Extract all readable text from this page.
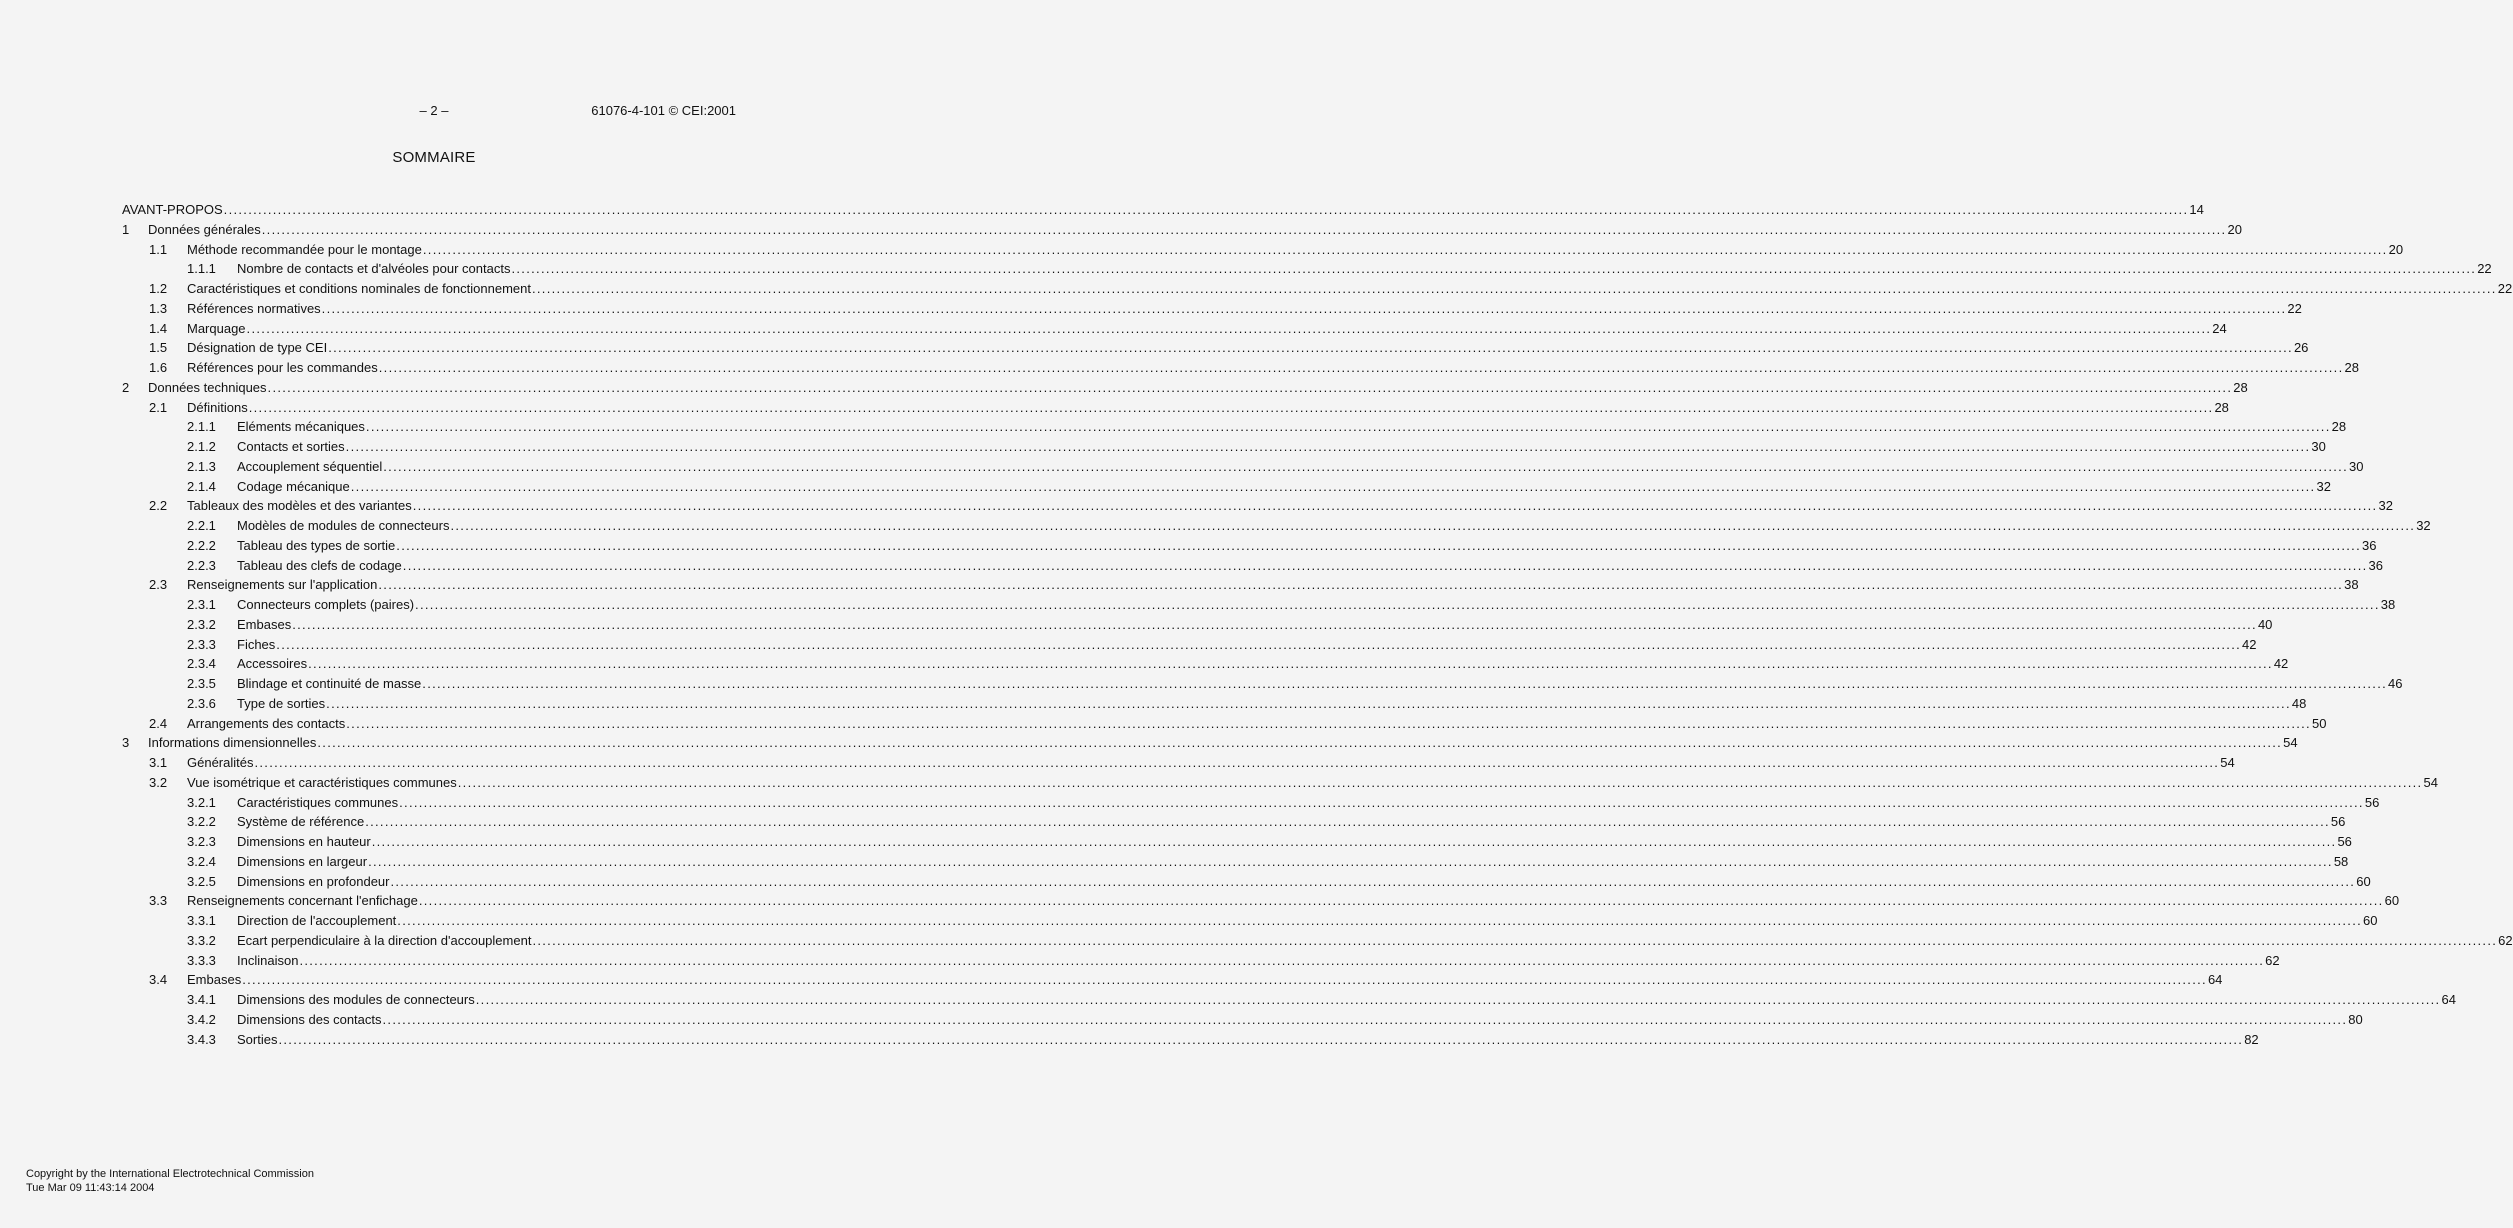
– 2 –	61076-4-101 © CEI:2001
SOMMAIRE
AVANT-PROPOS ................................................................................................................................................................................................................................................................................................................................................................................................................ 14
1 Données générales ................................................................................................................................................................................................................................................................................................................................................................................................................ 20
1.1 Méthode recommandée pour le montage ................................................................................................................................................................................................................................................................................................................................................................................................................ 20
1.1.1 Nombre de contacts et d'alvéoles pour contacts ................................................................................................................................................................................................................................................................................................................................................................................................................ 22
1.2 Caractéristiques et conditions nominales de fonctionnement ................................................................................................................................................................................................................................................................................................................................................................................................................ 22
1.3 Références normatives ................................................................................................................................................................................................................................................................................................................................................................................................................ 22
1.4 Marquage ................................................................................................................................................................................................................................................................................................................................................................................................................ 24
1.5 Désignation de type CEI ................................................................................................................................................................................................................................................................................................................................................................................................................ 26
1.6 Références pour les commandes ................................................................................................................................................................................................................................................................................................................................................................................................................ 28
2 Données techniques ................................................................................................................................................................................................................................................................................................................................................................................................................ 28
2.1 Définitions ................................................................................................................................................................................................................................................................................................................................................................................................................ 28
2.1.1 Eléments mécaniques ................................................................................................................................................................................................................................................................................................................................................................................................................ 28
2.1.2 Contacts et sorties ................................................................................................................................................................................................................................................................................................................................................................................................................ 30
2.1.3 Accouplement séquentiel ................................................................................................................................................................................................................................................................................................................................................................................................................ 30
2.1.4 Codage mécanique ................................................................................................................................................................................................................................................................................................................................................................................................................ 32
2.2 Tableaux des modèles et des variantes ................................................................................................................................................................................................................................................................................................................................................................................................................ 32
2.2.1 Modèles de modules de connecteurs ................................................................................................................................................................................................................................................................................................................................................................................................................ 32
2.2.2 Tableau des types de sortie ................................................................................................................................................................................................................................................................................................................................................................................................................ 36
2.2.3 Tableau des clefs de codage ................................................................................................................................................................................................................................................................................................................................................................................................................ 36
2.3 Renseignements sur l'application ................................................................................................................................................................................................................................................................................................................................................................................................................ 38
2.3.1 Connecteurs complets (paires) ................................................................................................................................................................................................................................................................................................................................................................................................................ 38
2.3.2 Embases ................................................................................................................................................................................................................................................................................................................................................................................................................ 40
2.3.3 Fiches ................................................................................................................................................................................................................................................................................................................................................................................................................ 42
2.3.4 Accessoires ................................................................................................................................................................................................................................................................................................................................................................................................................ 42
2.3.5 Blindage et continuité de masse ................................................................................................................................................................................................................................................................................................................................................................................................................ 46
2.3.6 Type de sorties ................................................................................................................................................................................................................................................................................................................................................................................................................ 48
2.4 Arrangements des contacts ................................................................................................................................................................................................................................................................................................................................................................................................................ 50
3 Informations dimensionnelles ................................................................................................................................................................................................................................................................................................................................................................................................................ 54
3.1 Généralités ................................................................................................................................................................................................................................................................................................................................................................................................................ 54
3.2 Vue isométrique et caractéristiques communes ................................................................................................................................................................................................................................................................................................................................................................................................................ 54
3.2.1 Caractéristiques communes ................................................................................................................................................................................................................................................................................................................................................................................................................ 56
3.2.2 Système de référence ................................................................................................................................................................................................................................................................................................................................................................................................................ 56
3.2.3 Dimensions en hauteur ................................................................................................................................................................................................................................................................................................................................................................................................................ 56
3.2.4 Dimensions en largeur ................................................................................................................................................................................................................................................................................................................................................................................................................ 58
3.2.5 Dimensions en profondeur ................................................................................................................................................................................................................................................................................................................................................................................................................ 60
3.3 Renseignements concernant l'enfichage ................................................................................................................................................................................................................................................................................................................................................................................................................ 60
3.3.1 Direction de l'accouplement ................................................................................................................................................................................................................................................................................................................................................................................................................ 60
3.3.2 Ecart perpendiculaire à la direction d'accouplement ................................................................................................................................................................................................................................................................................................................................................................................................................ 62
3.3.3 Inclinaison ................................................................................................................................................................................................................................................................................................................................................................................................................ 62
3.4 Embases ................................................................................................................................................................................................................................................................................................................................................................................................................ 64
3.4.1 Dimensions des modules de connecteurs ................................................................................................................................................................................................................................................................................................................................................................................................................ 64
3.4.2 Dimensions des contacts ................................................................................................................................................................................................................................................................................................................................................................................................................ 80
3.4.3 Sorties ................................................................................................................................................................................................................................................................................................................................................................................................................ 82
Copyright by the International Electrotechnical Commission
Tue Mar 09 11:43:14 2004
